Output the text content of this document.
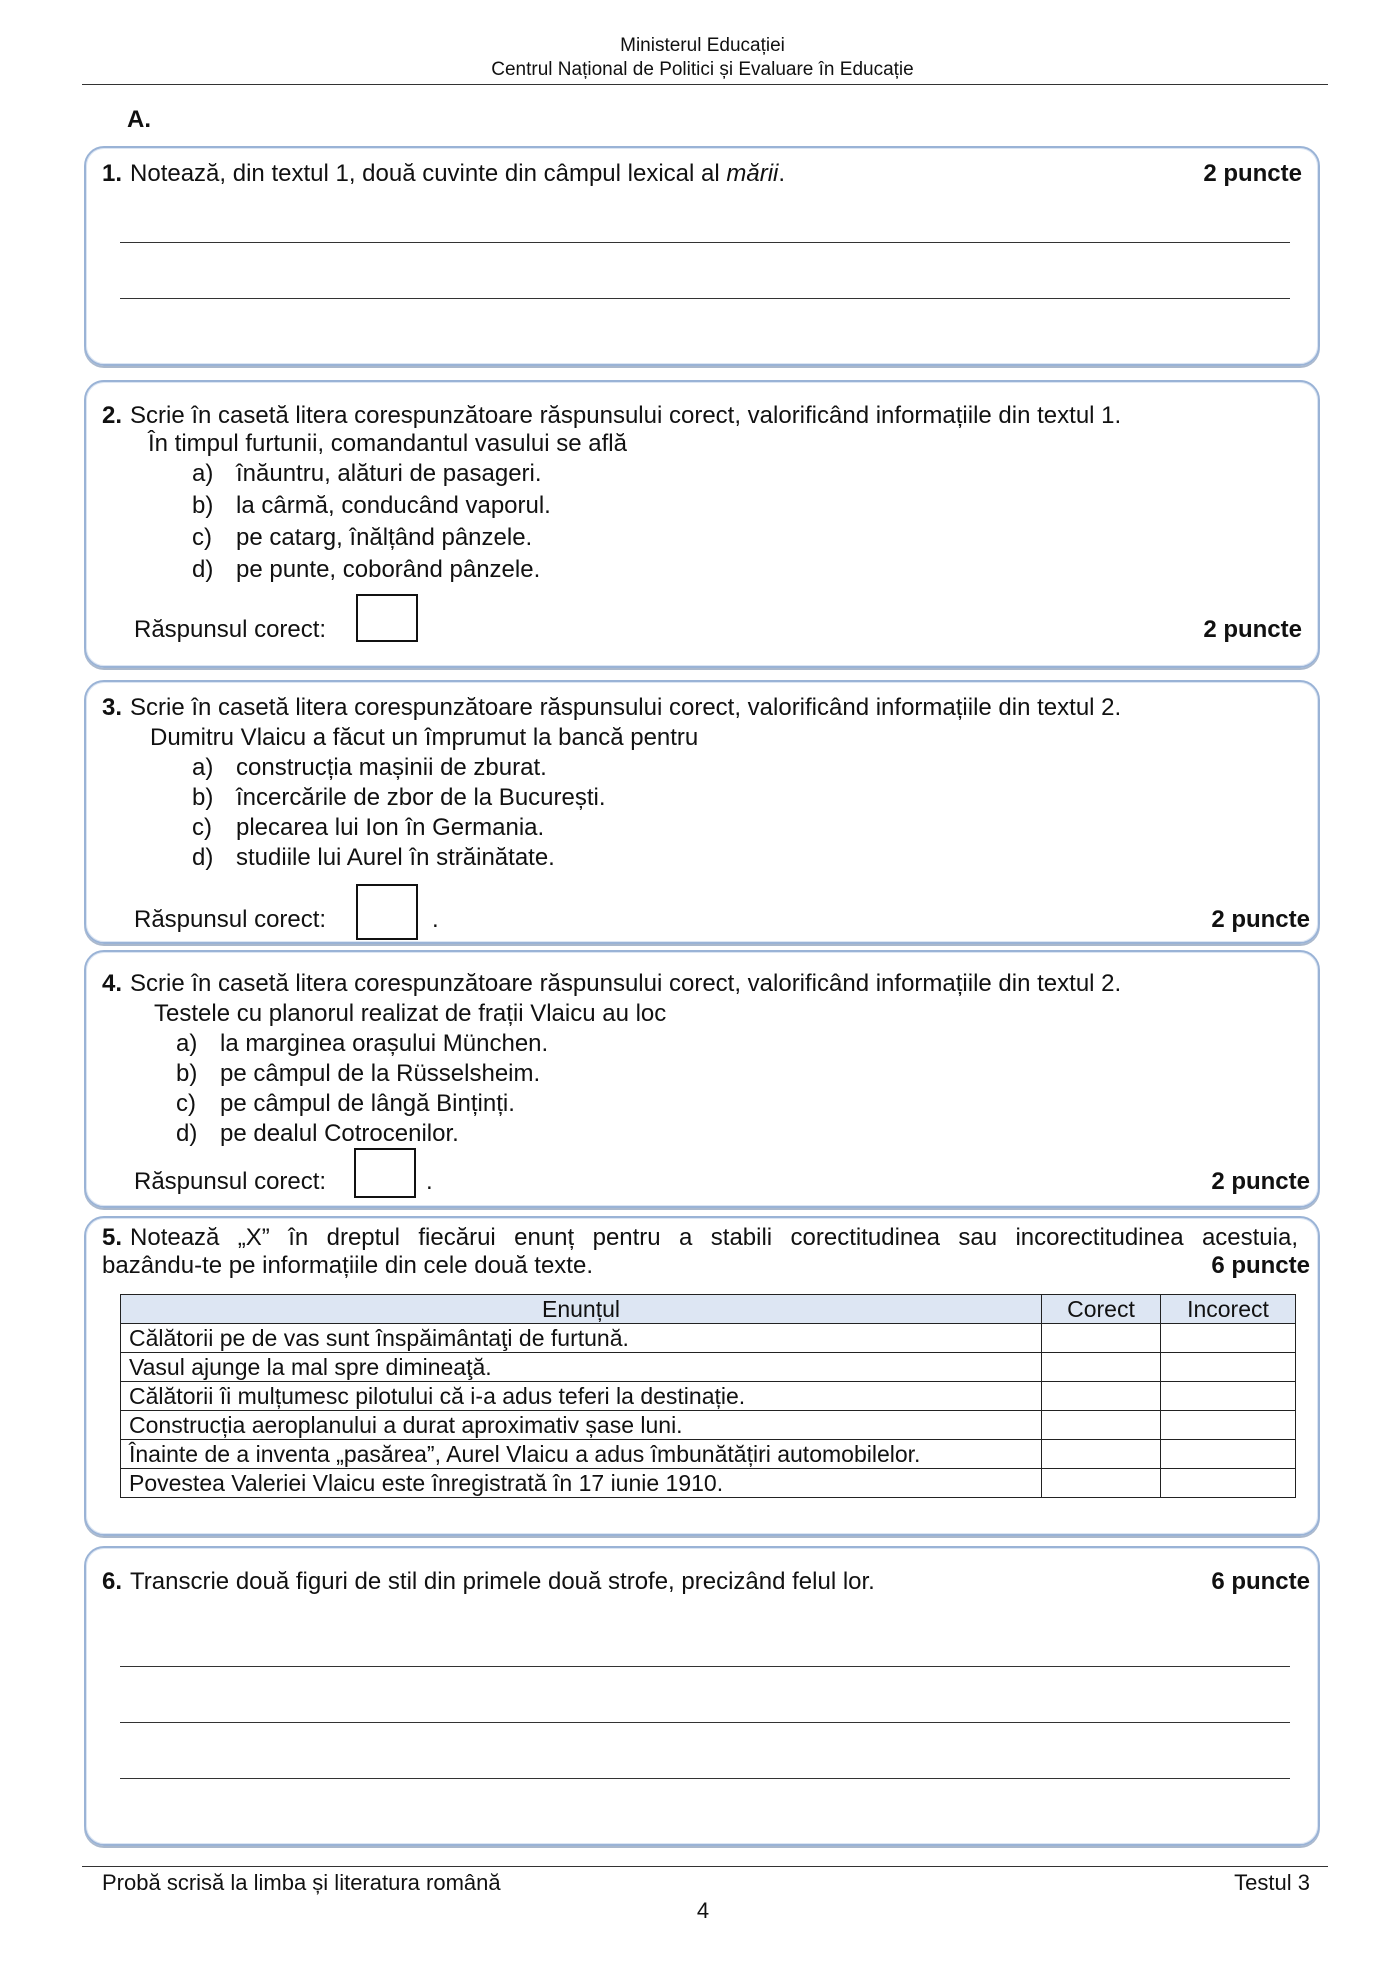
Ministerul Educației
Centrul Național de Politici și Evaluare în Educație
A.
1. Notează, din textul 1, două cuvinte din câmpul lexical al mării.	2 puncte
2. Scrie în casetă litera corespunzătoare răspunsului corect, valorificând informațiile din textul 1.
În timpul furtunii, comandantul vasului se află
a) înăuntru, alături de pasageri.
b) la cârmă, conducând vaporul.
c) pe catarg, înălțând pânzele.
d) pe punte, coborând pânzele.
Răspunsul corect:	2 puncte
3. Scrie în casetă litera corespunzătoare răspunsului corect, valorificând informațiile din textul 2.
Dumitru Vlaicu a făcut un împrumut la bancă pentru
a) construcția mașinii de zburat.
b) încercările de zbor de la București.
c) plecarea lui Ion în Germania.
d) studiile lui Aurel în străinătate.
Răspunsul corect:	.	2 puncte
4. Scrie în casetă litera corespunzătoare răspunsului corect, valorificând informațiile din textul 2.
Testele cu planorul realizat de frații Vlaicu au loc
a) la marginea orașului München.
b) pe câmpul de la Rüsselsheim.
c) pe câmpul de lângă Binținți.
d) pe dealul Cotrocenilor.
Răspunsul corect:	.	2 puncte
5. Notează „X” în dreptul fiecărui enunț pentru a stabili corectitudinea sau incorectitudinea acestuia,
bazându-te pe informațiile din cele două texte.	6 puncte
Enunțul	Corect	Incorect
Călătorii pe de vas sunt înspăimântaţi de furtună.		
Vasul ajunge la mal spre dimineaţă.		
Călătorii îi mulțumesc pilotului că i-a adus teferi la destinație.		
Construcția aeroplanului a durat aproximativ șase luni.		
Înainte de a inventa „pasărea”, Aurel Vlaicu a adus îmbunătățiri automobilelor.		
Povestea Valeriei Vlaicu este înregistrată în 17 iunie 1910.		
6. Transcrie două figuri de stil din primele două strofe, precizând felul lor.	6 puncte
Probă scrisă la limba și literatura română	Testul 3
4
